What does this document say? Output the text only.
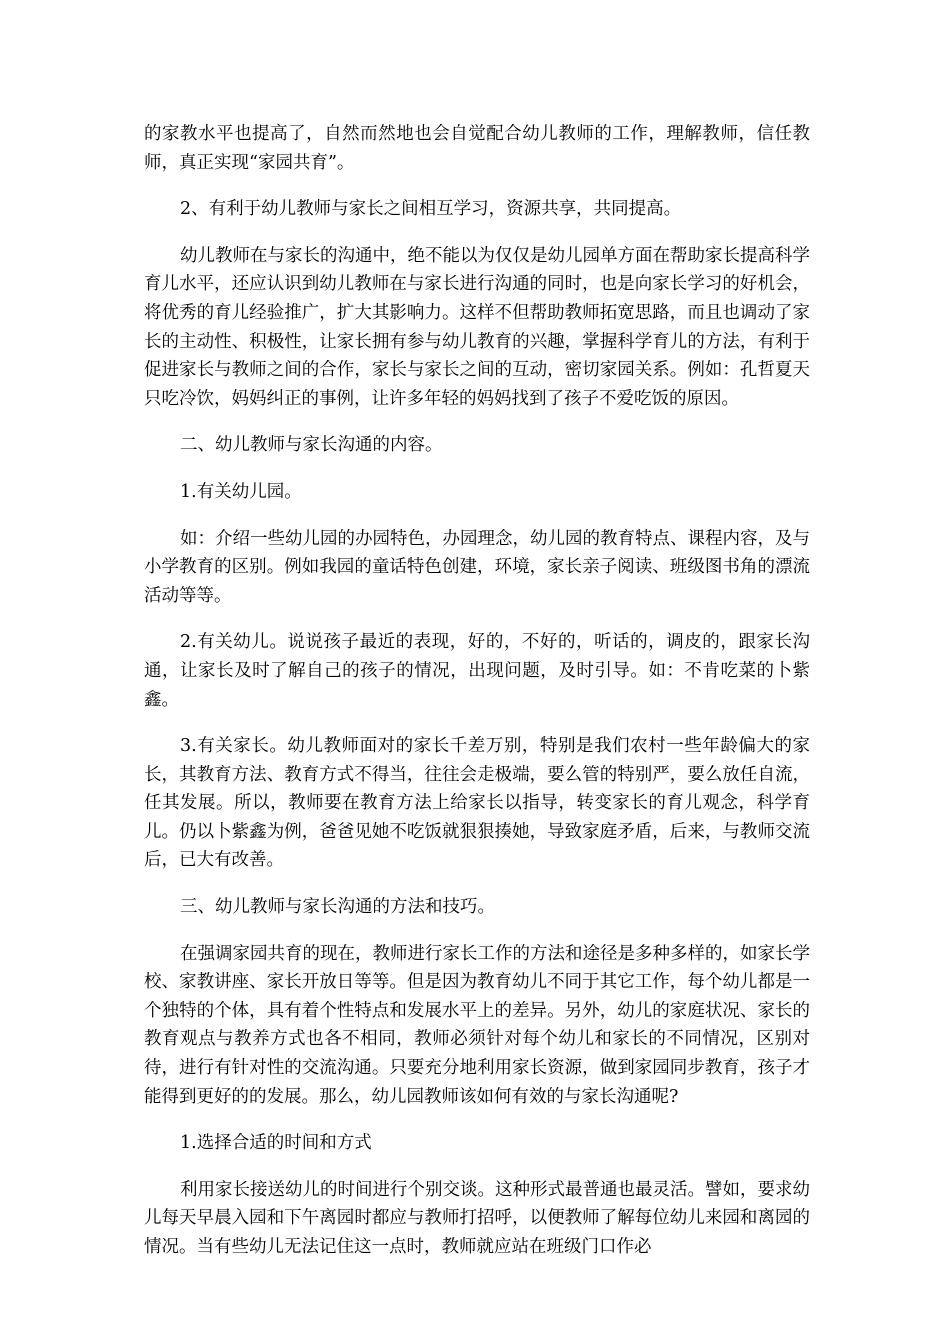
的家教水平也提高了，自然而然地也会自觉配合幼儿教师的工作，理解教师，信任教师，真正实现“家园共育”。

2、有利于幼儿教师与家长之间相互学习，资源共享，共同提高。

幼儿教师在与家长的沟通中，绝不能以为仅仅是幼儿园单方面在帮助家长提高科学育儿水平，还应认识到幼儿教师在与家长进行沟通的同时，也是向家长学习的好机会，将优秀的育儿经验推广，扩大其影响力。这样不但帮助教师拓宽思路，而且也调动了家长的主动性、积极性，让家长拥有参与幼儿教育的兴趣，掌握科学育儿的方法，有利于促进家长与教师之间的合作，家长与家长之间的互动，密切家园关系。例如：孔哲夏天只吃冷饮，妈妈纠正的事例，让许多年轻的妈妈找到了孩子不爱吃饭的原因。

二、幼儿教师与家长沟通的内容。

1.有关幼儿园。

如：介绍一些幼儿园的办园特色，办园理念，幼儿园的教育特点、课程内容，及与小学教育的区别。例如我园的童话特色创建，环境，家长亲子阅读、班级图书角的漂流活动等等。

2.有关幼儿。说说孩子最近的表现，好的，不好的，听话的，调皮的，跟家长沟通，让家长及时了解自己的孩子的情况，出现问题，及时引导。如：不肯吃菜的卜紫鑫。

3.有关家长。幼儿教师面对的家长千差万别，特别是我们农村一些年龄偏大的家长，其教育方法、教育方式不得当，往往会走极端，要么管的特别严，要么放任自流，任其发展。所以，教师要在教育方法上给家长以指导，转变家长的育儿观念，科学育儿。仍以卜紫鑫为例，爸爸见她不吃饭就狠狠揍她，导致家庭矛盾，后来，与教师交流后，已大有改善。

三、幼儿教师与家长沟通的方法和技巧。

在强调家园共育的现在，教师进行家长工作的方法和途径是多种多样的，如家长学校、家教讲座、家长开放日等等。但是因为教育幼儿不同于其它工作，每个幼儿都是一个独特的个体，具有着个性特点和发展水平上的差异。另外，幼儿的家庭状况、家长的教育观点与教养方式也各不相同，教师必须针对每个幼儿和家长的不同情况，区别对待，进行有针对性的交流沟通。只要充分地利用家长资源，做到家园同步教育，孩子才能得到更好的的发展。那么，幼儿园教师该如何有效的与家长沟通呢?

1.选择合适的时间和方式

利用家长接送幼儿的时间进行个别交谈。这种形式最普通也最灵活。譬如，要求幼儿每天早晨入园和下午离园时都应与教师打招呼，以便教师了解每位幼儿来园和离园的情况。当有些幼儿无法记住这一点时，教师就应站在班级门口作必
